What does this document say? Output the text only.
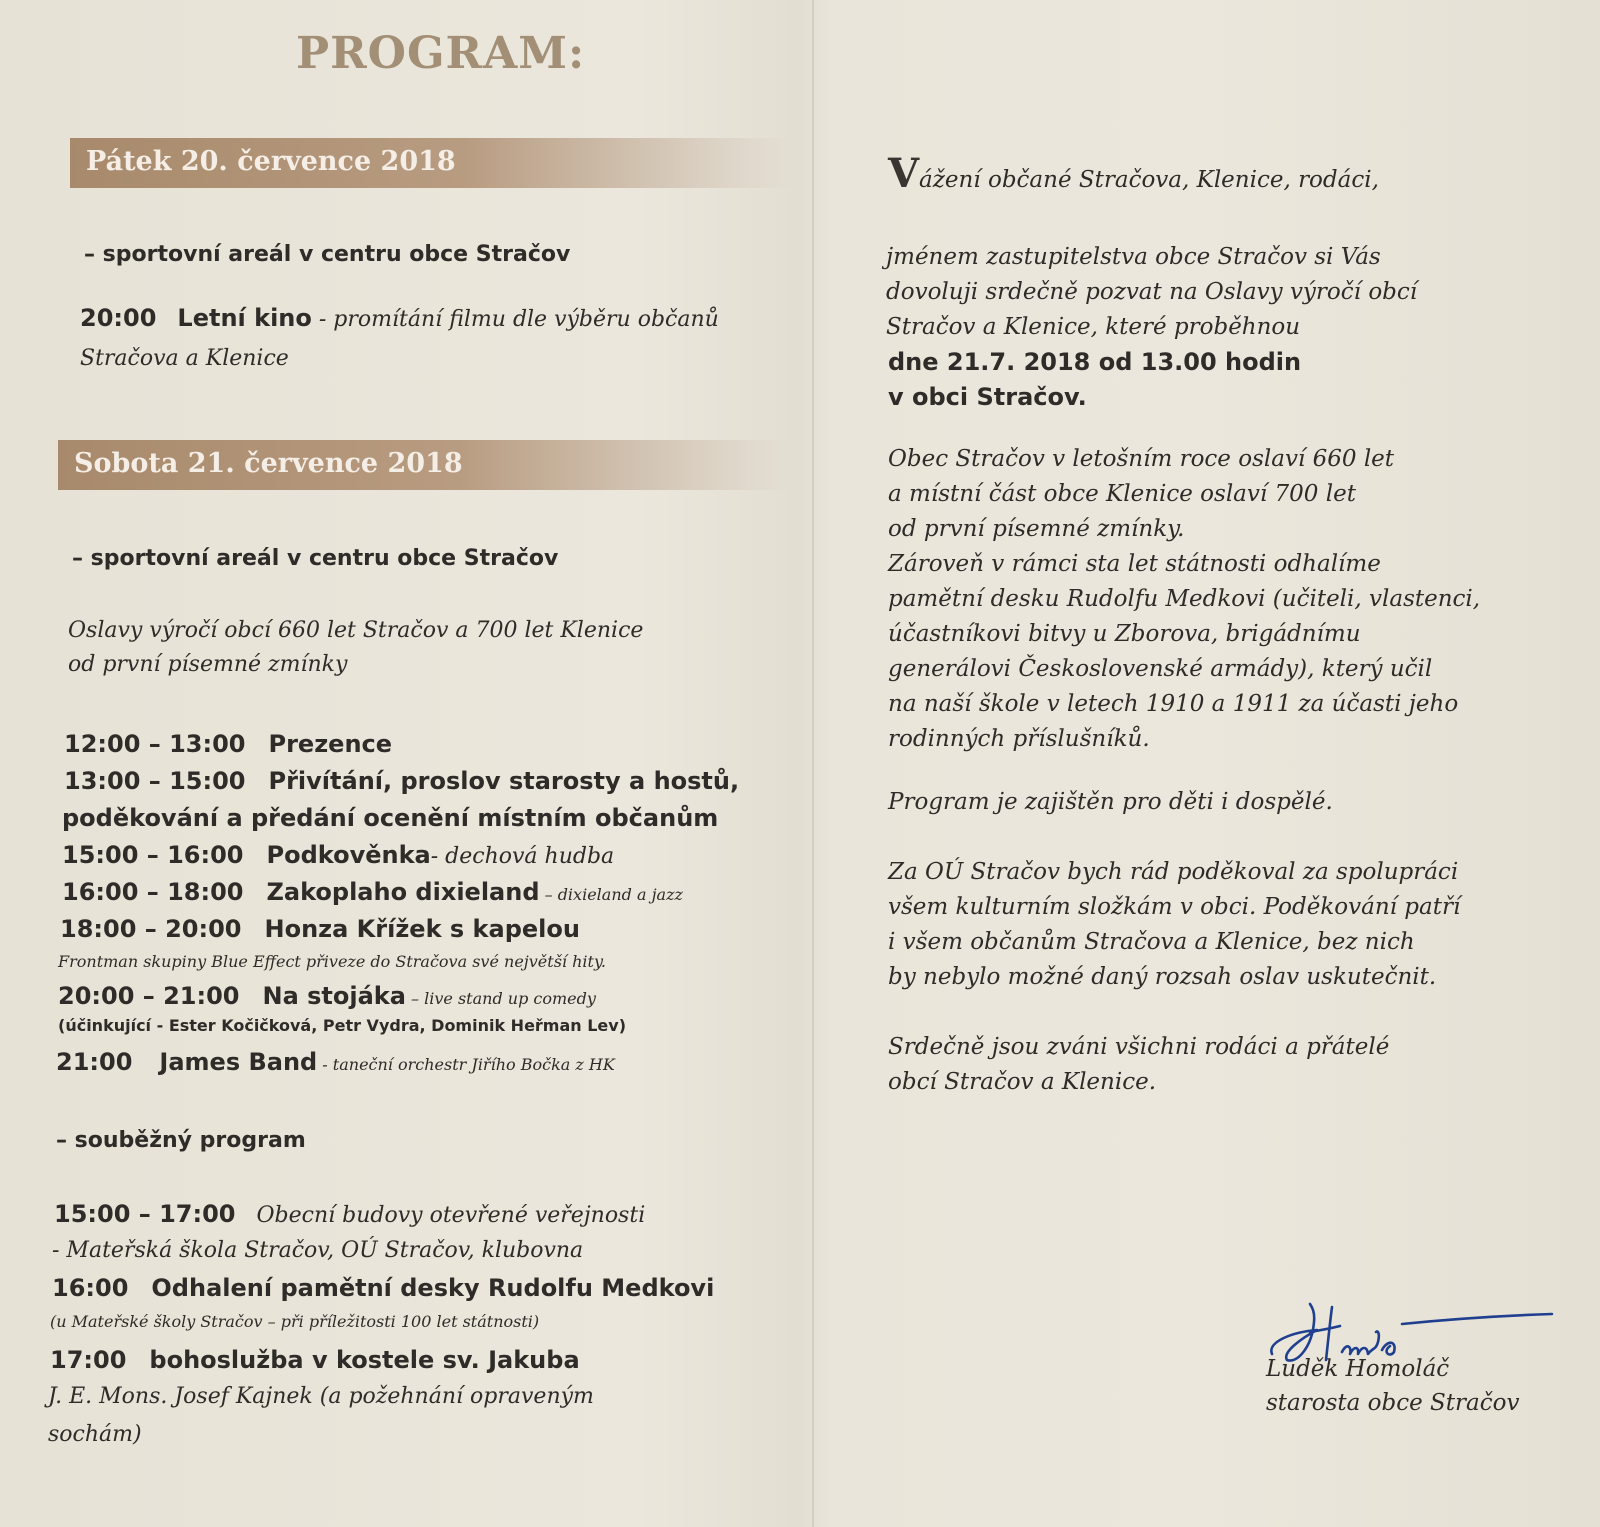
PROGRAM:
Pátek 20. července 2018
– sportovní areál v centru obce Stračov
20:00 Letní kino - promítání filmu dle výběru občanů
Stračova a Klenice
Sobota 21. července 2018
– sportovní areál v centru obce Stračov
Oslavy výročí obcí 660 let Stračov a 700 let Klenice
od první písemné zmínky
12:00 – 13:00 Prezence
13:00 – 15:00 Přivítání, proslov starosty a hostů,
poděkování a předání ocenění místním občanům
15:00 – 16:00 Podkověnka- dechová hudba
16:00 – 18:00 Zakoplaho dixieland – dixieland a jazz
18:00 – 20:00 Honza Křížek s kapelou
Frontman skupiny Blue Effect přiveze do Stračova své největší hity.
20:00 – 21:00 Na stojáka – live stand up comedy
(účinkující - Ester Kočičková, Petr Vydra, Dominik Heřman Lev)
21:00 James Band - taneční orchestr Jiřího Bočka z HK
– souběžný program
15:00 – 17:00 Obecní budovy otevřené veřejnosti
- Mateřská škola Stračov, OÚ Stračov, klubovna
16:00 Odhalení pamětní desky Rudolfu Medkovi
(u Mateřské školy Stračov – při příležitosti 100 let státnosti)
17:00 bohoslužba v kostele sv. Jakuba
J. E. Mons. Josef Kajnek (a požehnání opraveným
sochám)
Vážení občané Stračova, Klenice, rodáci,
jménem zastupitelstva obce Stračov si Vás
dovoluji srdečně pozvat na Oslavy výročí obcí
Stračov a Klenice, které proběhnou
dne 21.7. 2018 od 13.00 hodin
v obci Stračov.
Obec Stračov v letošním roce oslaví 660 let
a místní část obce Klenice oslaví 700 let
od první písemné zmínky.
Zároveň v rámci sta let státnosti odhalíme
pamětní desku Rudolfu Medkovi (učiteli, vlastenci,
účastníkovi bitvy u Zborova, brigádnímu
generálovi Československé armády), který učil
na naší škole v letech 1910 a 1911 za účasti jeho
rodinných příslušníků.
Program je zajištěn pro děti i dospělé.
Za OÚ Stračov bych rád poděkoval za spolupráci
všem kulturním složkám v obci. Poděkování patří
i všem občanům Stračova a Klenice, bez nich
by nebylo možné daný rozsah oslav uskutečnit.
Srdečně jsou zváni všichni rodáci a přátelé
obcí Stračov a Klenice.
Luděk Homoláč
starosta obce Stračov
